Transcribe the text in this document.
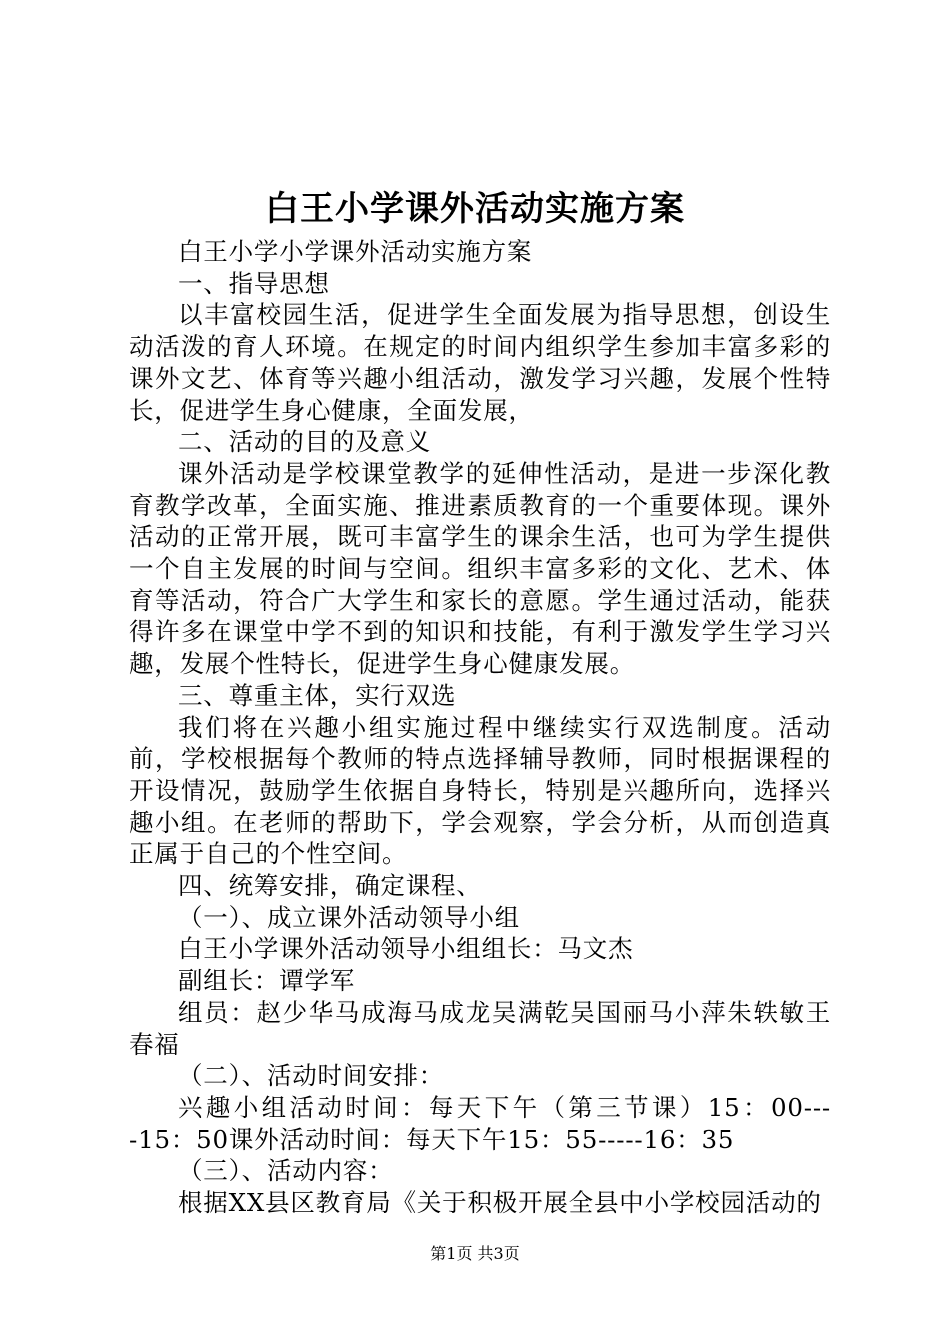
白王小学课外活动实施方案

白王小学小学课外活动实施方案

一、指导思想

以丰富校园生活，促进学生全面发展为指导思想，创设生动活泼的育人环境。在规定的时间内组织学生参加丰富多彩的课外文艺、体育等兴趣小组活动，激发学习兴趣，发展个性特长，促进学生身心健康，全面发展，

二、活动的目的及意义

课外活动是学校课堂教学的延伸性活动，是进一步深化教育教学改革，全面实施、推进素质教育的一个重要体现。课外活动的正常开展，既可丰富学生的课余生活，也可为学生提供一个自主发展的时间与空间。组织丰富多彩的文化、艺术、体育等活动，符合广大学生和家长的意愿。学生通过活动，能获得许多在课堂中学不到的知识和技能，有利于激发学生学习兴趣，发展个性特长，促进学生身心健康发展。

三、尊重主体，实行双选

我们将在兴趣小组实施过程中继续实行双选制度。活动前，学校根据每个教师的特点选择辅导教师，同时根据课程的开设情况，鼓励学生依据自身特长，特别是兴趣所向，选择兴趣小组。在老师的帮助下，学会观察，学会分析，从而创造真正属于自己的个性空间。

四、统筹安排，确定课程、

（一）、成立课外活动领导小组

白王小学课外活动领导小组组长：马文杰

副组长：谭学军

组员：赵少华马成海马成龙吴满乾吴国丽马小萍朱轶敏王春福

（二）、活动时间安排：

兴趣小组活动时间：每天下午（第三节课）15：00----15：50课外活动时间：每天下午15：55-----16：35

（三）、活动内容：

根据XX县区教育局《关于积极开展全县中小学校园活动的

第1页 共3页
